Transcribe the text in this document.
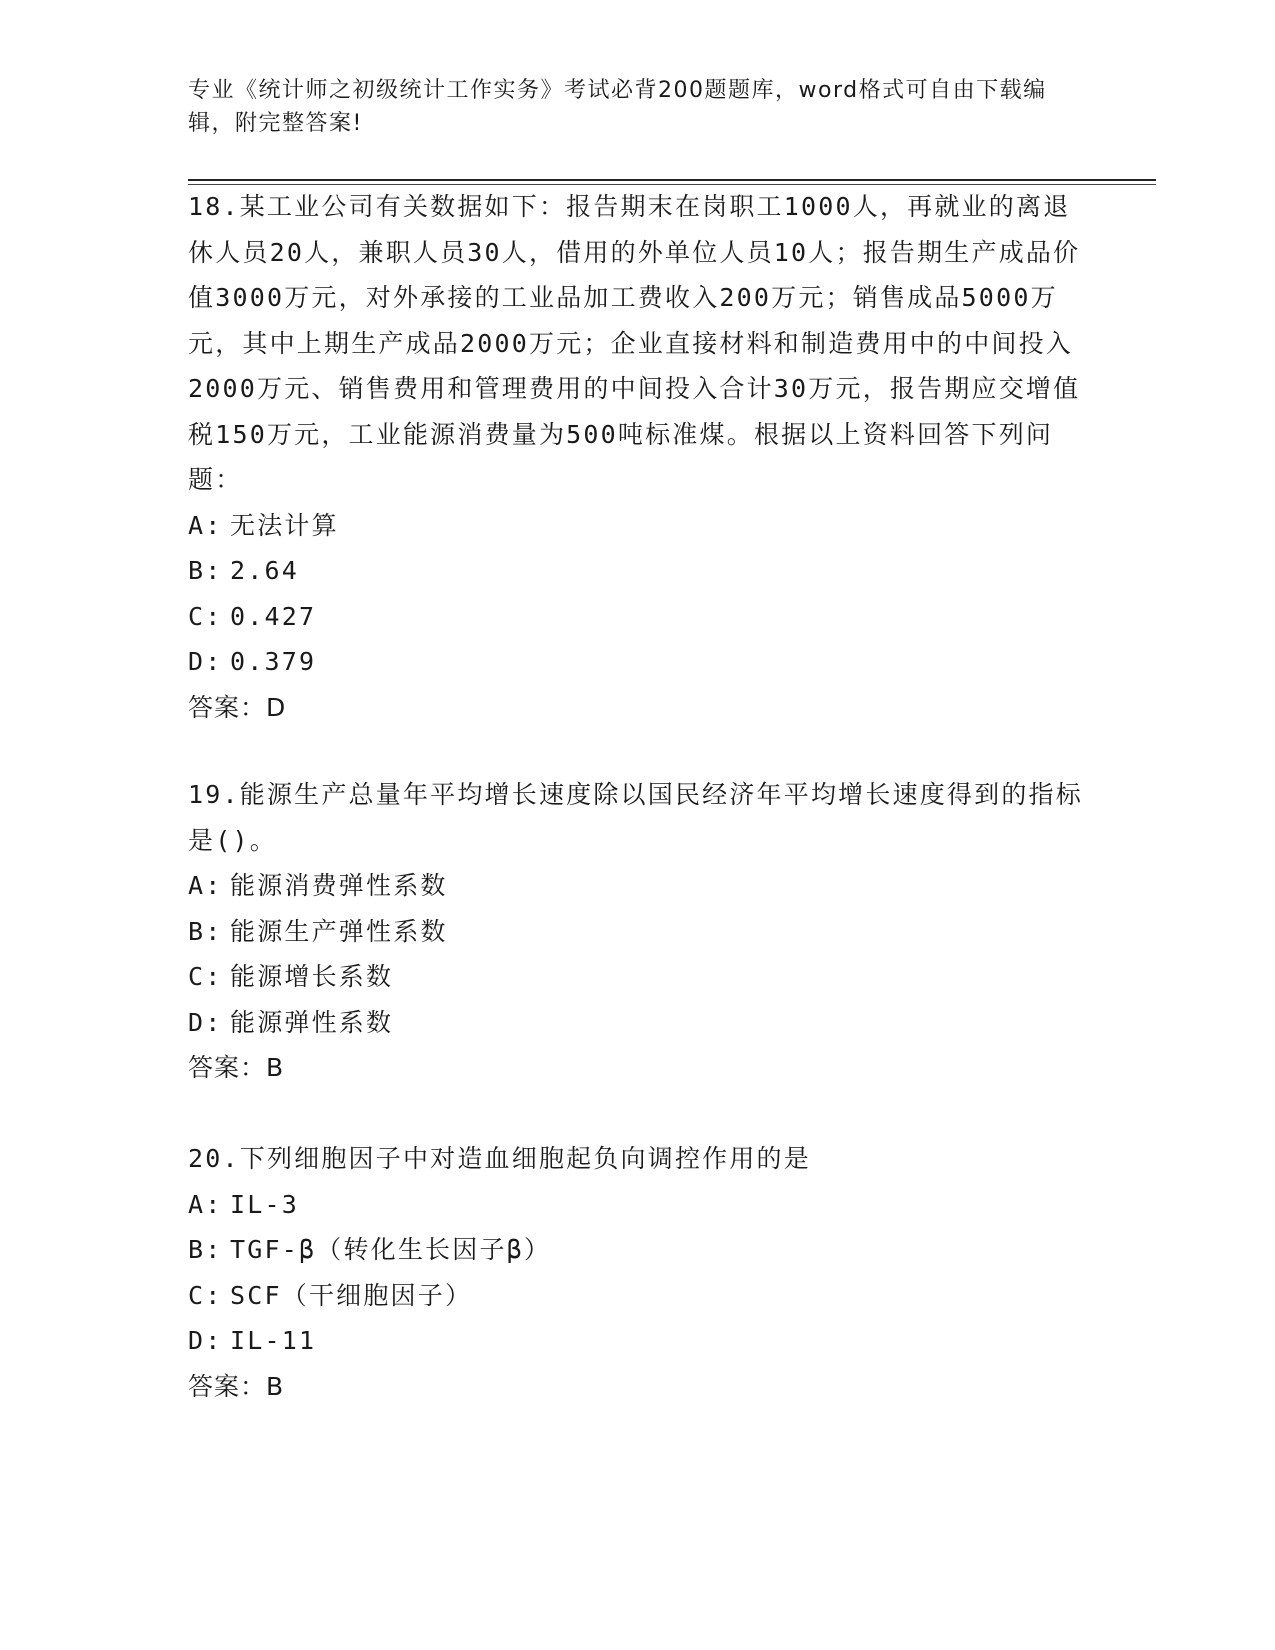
专业《统计师之初级统计工作实务》考试必背200题题库，word格式可自由下载编辑，附完整答案!

18.某工业公司有关数据如下：报告期末在岗职工1000人，再就业的离退休人员20人，兼职人员30人，借用的外单位人员10人；报告期生产成品价值3000万元，对外承接的工业品加工费收入200万元；销售成品5000万元，其中上期生产成品2000万元；企业直接材料和制造费用中的中间投入2000万元、销售费用和管理费用的中间投入合计30万元，报告期应交增值税150万元，工业能源消费量为500吨标准煤。根据以上资料回答下列问题：

A: 无法计算

B: 2.64

C: 0.427

D: 0.379

答案：D

19.能源生产总量年平均增长速度除以国民经济年平均增长速度得到的指标是()。

A: 能源消费弹性系数

B: 能源生产弹性系数

C: 能源增长系数

D: 能源弹性系数

答案：B

20.下列细胞因子中对造血细胞起负向调控作用的是

A: IL-3

B: TGF-β（转化生长因子β）

C: SCF（干细胞因子）

D: IL-11

答案：B
